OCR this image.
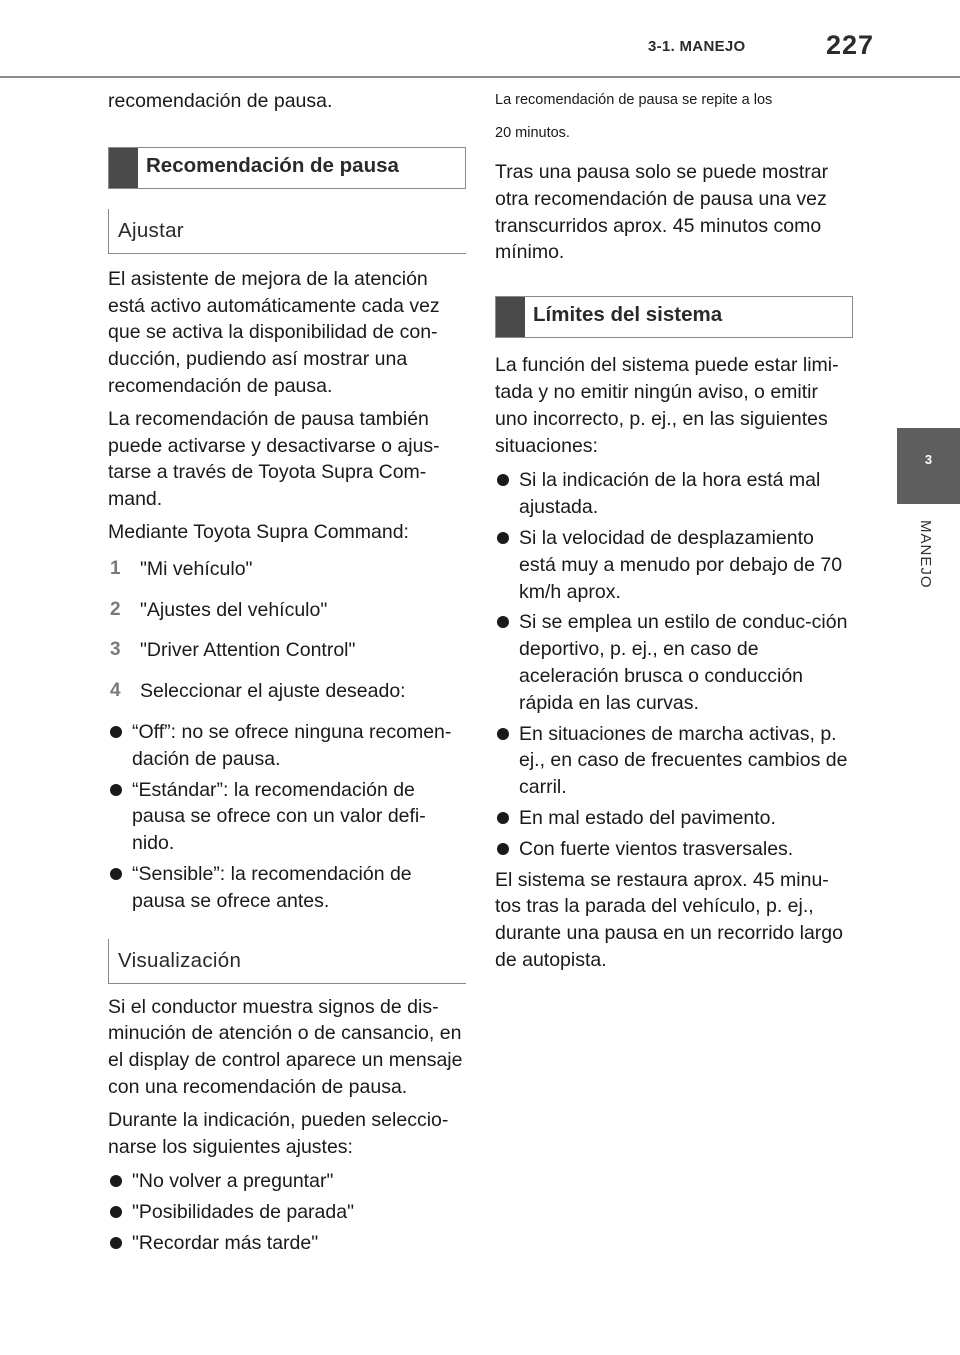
3-1. MANEJO	227
3
MANEJO

recomendación de pausa.

Recomendación de pausa
Ajustar

El asistente de mejora de la atención está activo automáticamente cada vez que se activa la disponibilidad de con-ducción, pudiendo así mostrar una recomendación de pausa.

La recomendación de pausa también puede activarse y desactivarse o ajus-tarse a través de Toyota Supra Com-mand.

Mediante Toyota Supra Command:

1 "Mi vehículo"
2 "Ajustes del vehículo"
3 "Driver Attention Control"
4 Seleccionar el ajuste deseado:
“Off”: no se ofrece ninguna recomen-dación de pausa.
“Estándar”: la recomendación de pausa se ofrece con un valor defi-nido.
“Sensible”: la recomendación de pausa se ofrece antes.
Visualización

Si el conductor muestra signos de dis-minución de atención o de cansancio, en el display de control aparece un mensaje con una recomendación de pausa.

Durante la indicación, pueden seleccio-narse los siguientes ajustes:

"No volver a preguntar"
"Posibilidades de parada"
"Recordar más tarde"

La recomendación de pausa se repite a los

20 minutos.

Tras una pausa solo se puede mostrar otra recomendación de pausa una vez transcurridos aprox. 45 minutos como mínimo.

Límites del sistema

La función del sistema puede estar limi-tada y no emitir ningún aviso, o emitir uno incorrecto, p. ej., en las siguientes situaciones:

Si la indicación de la hora está mal ajustada.
Si la velocidad de desplazamiento está muy a menudo por debajo de 70 km/h aprox.
Si se emplea un estilo de conduc-ción deportivo, p. ej., en caso de aceleración brusca o conducción rápida en las curvas.
En situaciones de marcha activas, p. ej., en caso de frecuentes cambios de carril.
En mal estado del pavimento.
Con fuerte vientos trasversales.

El sistema se restaura aprox. 45 minu-tos tras la parada del vehículo, p. ej., durante una pausa en un recorrido largo de autopista.
